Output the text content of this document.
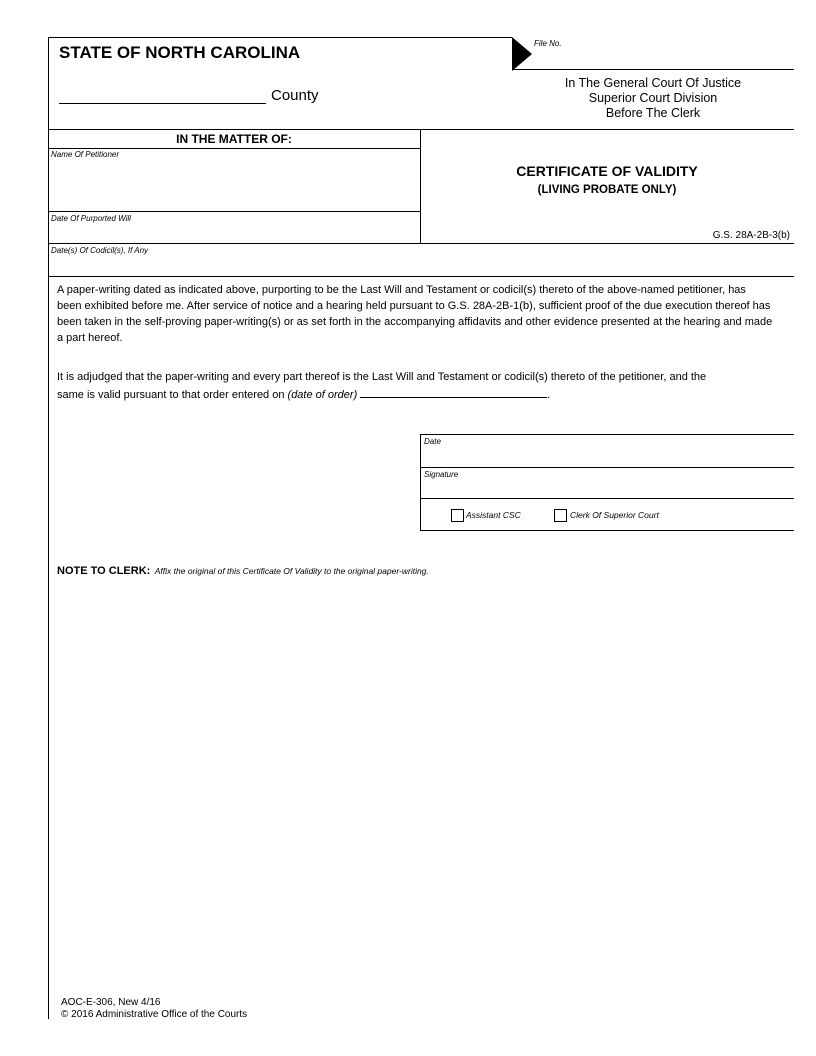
STATE OF NORTH CAROLINA
County
File No.
In The General Court Of Justice
Superior Court Division
Before The Clerk
IN THE MATTER OF:
Name Of Petitioner
Date Of Purported Will
Date(s) Of Codicil(s), If Any
CERTIFICATE OF VALIDITY
(LIVING PROBATE ONLY)
G.S. 28A-2B-3(b)
A paper-writing dated as indicated above, purporting to be the Last Will and Testament or codicil(s) thereto of the above-named petitioner, has been exhibited before me. After service of notice and a hearing held pursuant to G.S. 28A-2B-1(b), sufficient proof of the due execution thereof has been taken in the self-proving paper-writing(s) or as set forth in the accompanying affidavits and other evidence presented at the hearing and made a part hereof.
It is adjudged that the paper-writing and every part thereof is the Last Will and Testament or codicil(s) thereto of the petitioner, and the
same is valid pursuant to that order entered on (date of order)	.
Date
Signature
Assistant CSC	Clerk Of Superior Court
NOTE TO CLERK: Affix the original of this Certificate Of Validity to the original paper-writing.
AOC-E-306, New 4/16
© 2016 Administrative Office of the Courts
